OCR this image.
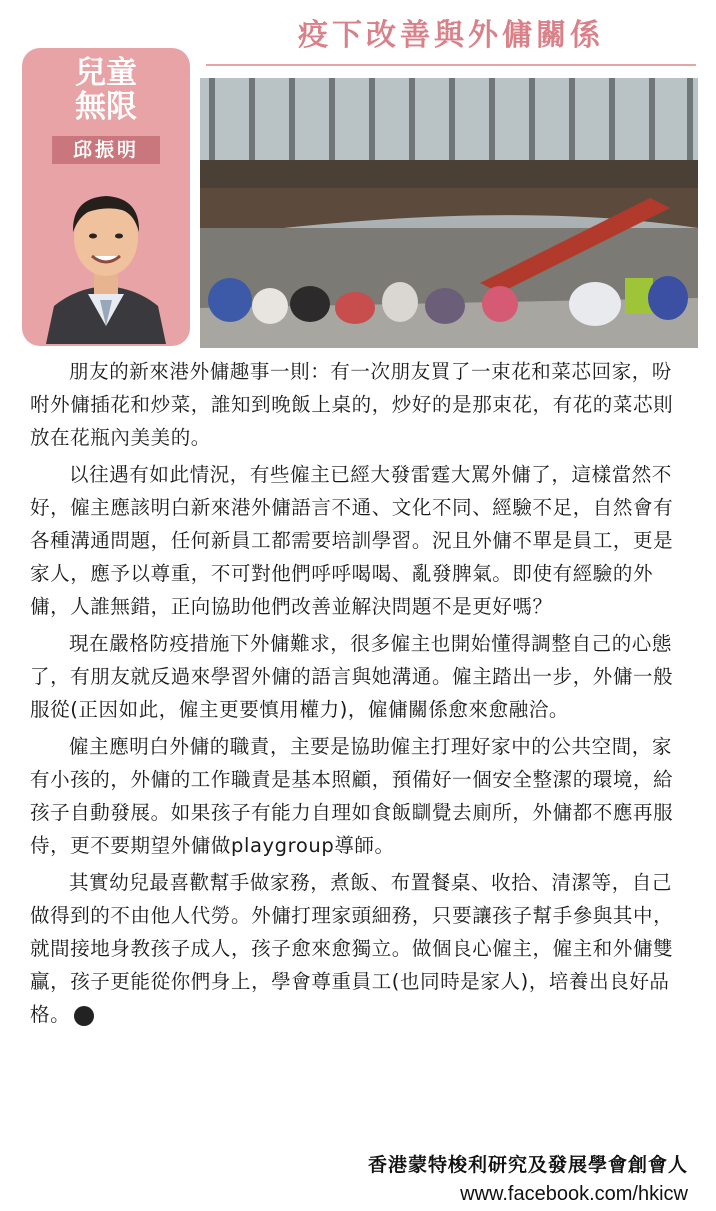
兒童
無限
邱振明
疫下改善與外傭關係

朋友的新來港外傭趣事一則：有一次朋友買了一束花和菜芯回家，吩咐外傭插花和炒菜，誰知到晚飯上桌的，炒好的是那束花，有花的菜芯則放在花瓶內美美的。

以往遇有如此情況，有些僱主已經大發雷霆大罵外傭了，這樣當然不好，僱主應該明白新來港外傭語言不通、文化不同、經驗不足，自然會有各種溝通問題，任何新員工都需要培訓學習。況且外傭不單是員工，更是家人，應予以尊重，不可對他們呼呼喝喝、亂發脾氣。即使有經驗的外傭，人誰無錯，正向協助他們改善並解決問題不是更好嗎？

現在嚴格防疫措施下外傭難求，很多僱主也開始懂得調整自己的心態了，有朋友就反過來學習外傭的語言與她溝通。僱主踏出一步，外傭一般服從(正因如此，僱主更要慎用權力)，僱傭關係愈來愈融洽。

僱主應明白外傭的職責，主要是協助僱主打理好家中的公共空間，家有小孩的，外傭的工作職責是基本照顧，預備好一個安全整潔的環境，給孩子自動發展。如果孩子有能力自理如食飯瞓覺去廁所，外傭都不應再服侍，更不要期望外傭做playgroup導師。

其實幼兒最喜歡幫手做家務，煮飯、布置餐桌、收拾、清潔等，自己做得到的不由他人代勞。外傭打理家頭細務，只要讓孩子幫手參與其中，就間接地身教孩子成人，孩子愈來愈獨立。做個良心僱主，僱主和外傭雙贏，孩子更能從你們身上，學會尊重員工(也同時是家人)，培養出良好品格。	am

香港蒙特梭利研究及發展學會創會人
www.facebook.com/hkicw
